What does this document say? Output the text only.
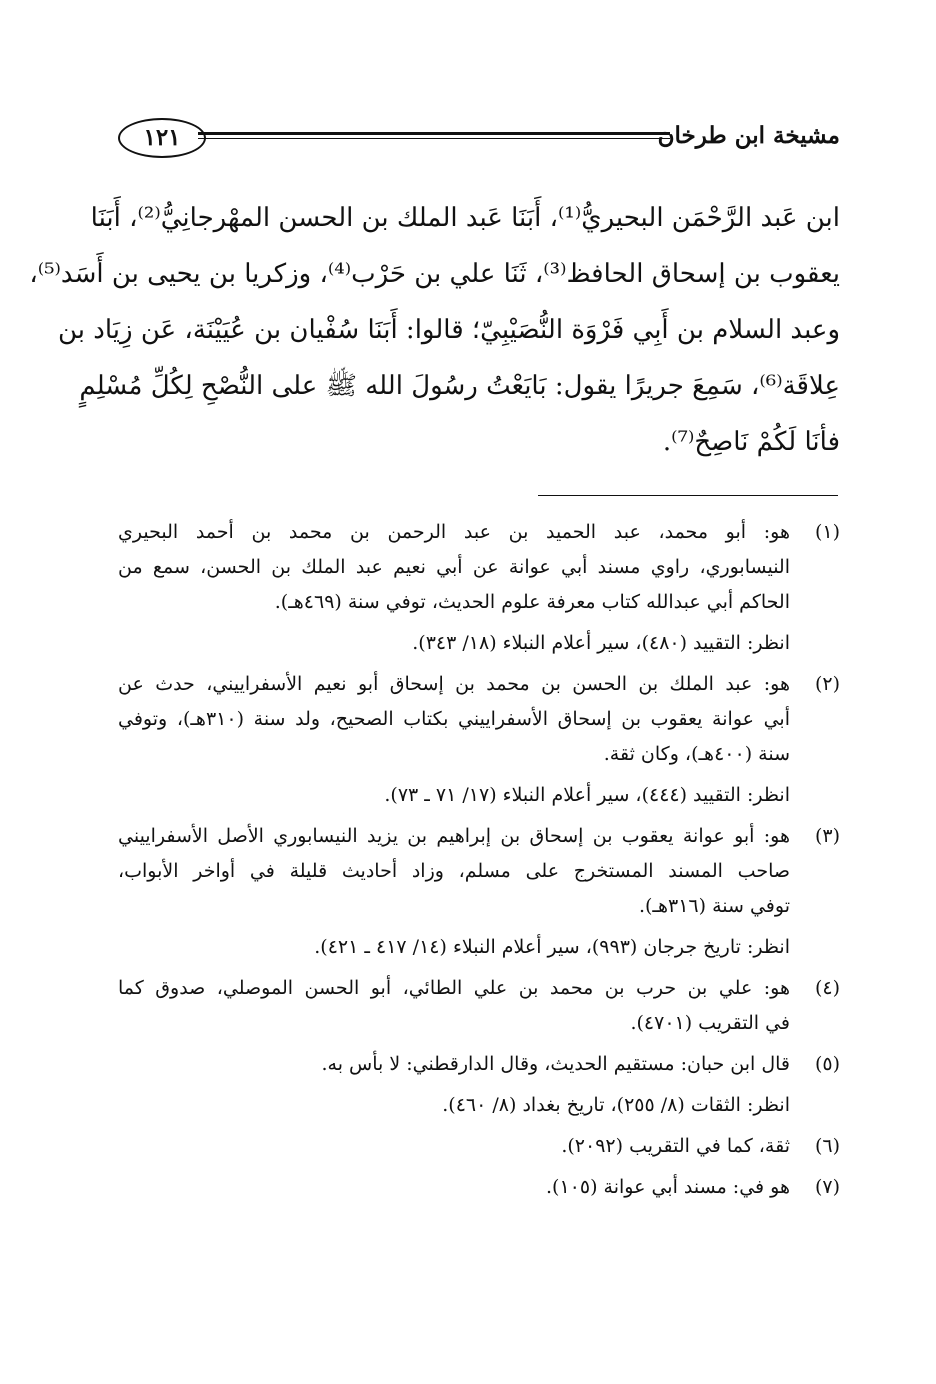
مشيخة ابن طرخان
١٢١
ابن عَبد الرَّحْمَن البحيريُّ⁽¹⁾، أَبَنَا عَبد الملك بن الحسن المهْرجانِيُّ⁽²⁾، أَبَنَا
يعقوب بن إسحاق الحافظ⁽³⁾، ثَنَا علي بن حَرْب⁽⁴⁾، وزكريا بن يحيى بن أَسَد⁽⁵⁾،
وعبد السلام بن أَبِي فَرْوَة النُّصَيْبِيّ؛ قالوا: أَبَنَا سُفْيان بن عُيَيْنَة، عَن زِيَاد بن
عِلاقَة⁽⁶⁾، سَمِعَ جريرًا يقول: بَايَعْتُ رسُولَ الله ﷺ على النُّصْحِ لِكُلِّ مُسْلِمٍ
فأنَا لَكُمْ نَاصِحٌ⁽⁷⁾.
(١)
هو: أبو محمد، عبد الحميد بن عبد الرحمن بن محمد بن أحمد البحيري
النيسابوري، راوي مسند أبي عوانة عن أبي نعيم عبد الملك بن الحسن، سمع من
الحاكم أبي عبدالله كتاب معرفة علوم الحديث، توفي سنة (٤٦٩هـ).
انظر: التقييد (٤٨٠)، سير أعلام النبلاء (١٨/ ٣٤٣).
(٢)
هو: عبد الملك بن الحسن بن محمد بن إسحاق أبو نعيم الأسفراييني، حدث عن
أبي عوانة يعقوب بن إسحاق الأسفراييني بكتاب الصحيح، ولد سنة (٣١٠هـ)، وتوفي
سنة (٤٠٠هـ)، وكان ثقة.
انظر: التقييد (٤٤٤)، سير أعلام النبلاء (١٧/ ٧١ ـ ٧٣).
(٣)
هو: أبو عوانة يعقوب بن إسحاق بن إبراهيم بن يزيد النيسابوري الأصل الأسفراييني
صاحب المسند المستخرج على مسلم، وزاد أحاديث قليلة في أواخر الأبواب،
توفي سنة (٣١٦هـ).
انظر: تاريخ جرجان (٩٩٣)، سير أعلام النبلاء (١٤/ ٤١٧ ـ ٤٢١).
(٤)
هو: علي بن حرب بن محمد بن علي الطائي، أبو الحسن الموصلي، صدوق كما
في التقريب (٤٧٠١).
(٥)
قال ابن حبان: مستقيم الحديث، وقال الدارقطني: لا بأس به.
انظر: الثقات (٨/ ٢٥٥)، تاريخ بغداد (٨/ ٤٦٠).
(٦)
ثقة، كما في التقريب (٢٠٩٢).
(٧)
هو في: مسند أبي عوانة (١٠٥).
